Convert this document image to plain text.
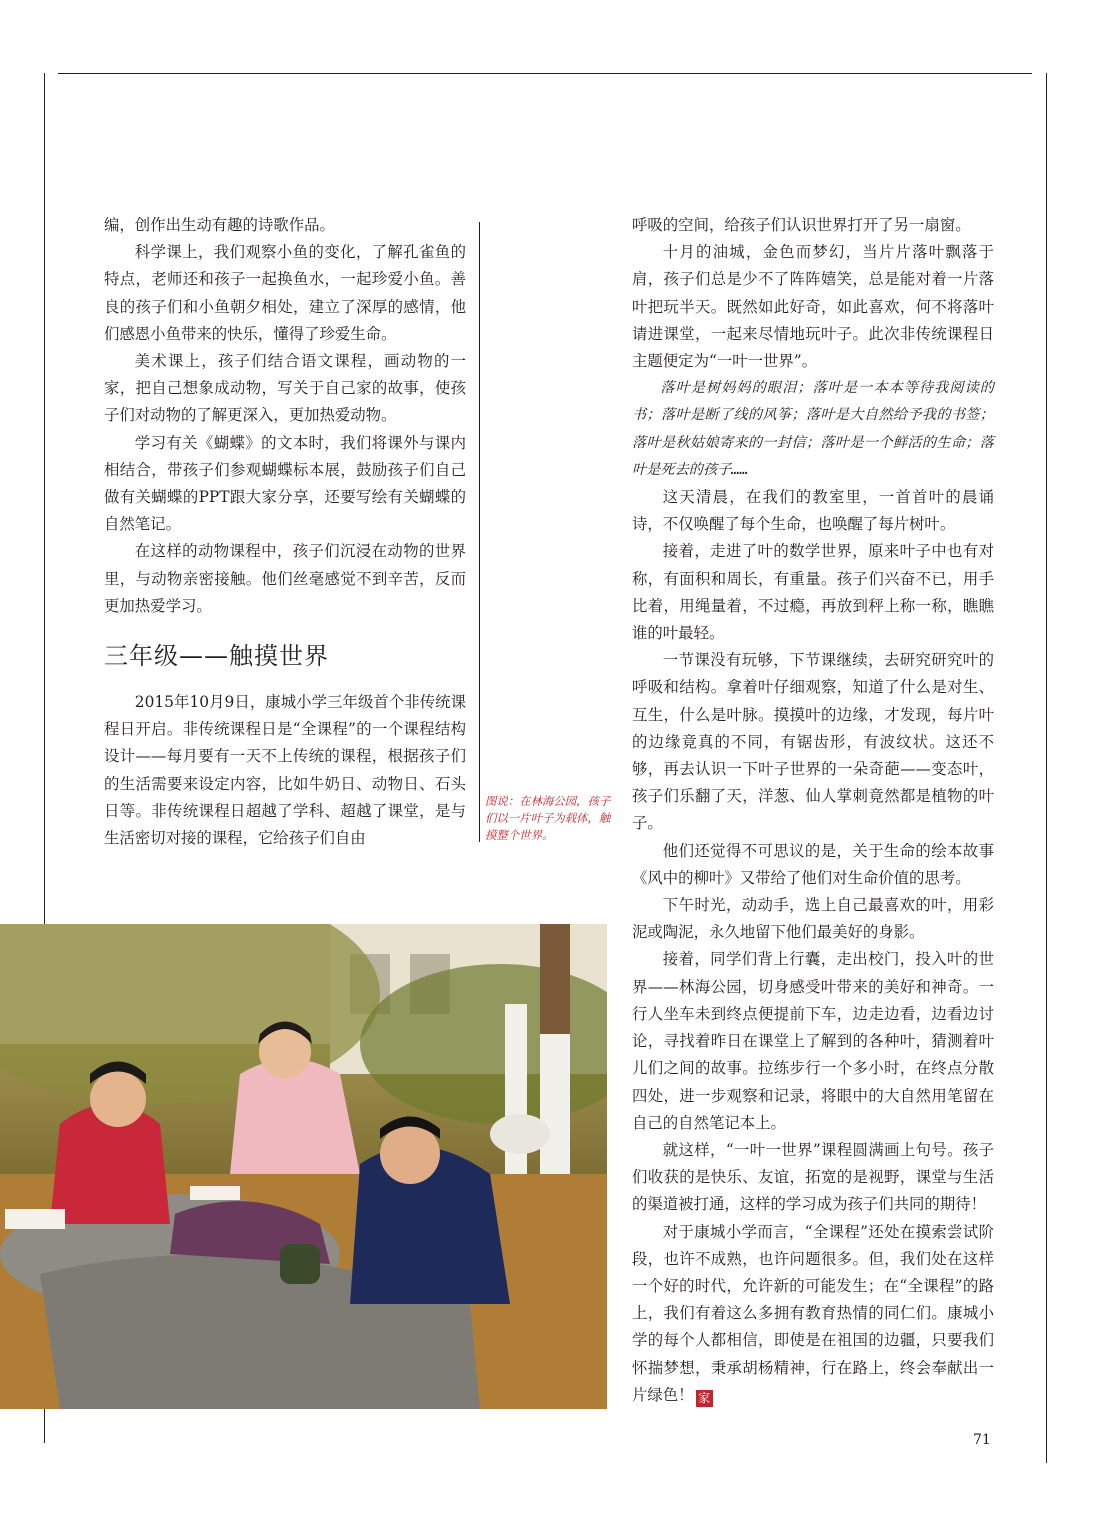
编，创作出生动有趣的诗歌作品。

科学课上，我们观察小鱼的变化，了解孔雀鱼的特点，老师还和孩子一起换鱼水，一起珍爱小鱼。善良的孩子们和小鱼朝夕相处，建立了深厚的感情，他们感恩小鱼带来的快乐，懂得了珍爱生命。

美术课上，孩子们结合语文课程，画动物的一家，把自己想象成动物，写关于自己家的故事，使孩子们对动物的了解更深入，更加热爱动物。

学习有关《蝴蝶》的文本时，我们将课外与课内相结合，带孩子们参观蝴蝶标本展，鼓励孩子们自己做有关蝴蝶的PPT跟大家分享，还要写绘有关蝴蝶的自然笔记。

在这样的动物课程中，孩子们沉浸在动物的世界里，与动物亲密接触。他们丝毫感觉不到辛苦，反而更加热爱学习。

三年级——触摸世界

2015年10月9日，康城小学三年级首个非传统课程日开启。非传统课程日是“全课程”的一个课程结构设计——每月要有一天不上传统的课程，根据孩子们的生活需要来设定内容，比如牛奶日、动物日、石头日等。非传统课程日超越了学科、超越了课堂，是与生活密切对接的课程，它给孩子们自由

图说：在林海公园，孩子们以一片叶子为载体，触摸整个世界。

呼吸的空间，给孩子们认识世界打开了另一扇窗。

十月的油城，金色而梦幻，当片片落叶飘落于肩，孩子们总是少不了阵阵嬉笑，总是能对着一片落叶把玩半天。既然如此好奇，如此喜欢，何不将落叶请进课堂，一起来尽情地玩叶子。此次非传统课程日主题便定为“一叶一世界”。

落叶是树妈妈的眼泪；落叶是一本本等待我阅读的书；落叶是断了线的风筝；落叶是大自然给予我的书签；落叶是秋姑娘寄来的一封信；落叶是一个鲜活的生命；落叶是死去的孩子……

这天清晨，在我们的教室里，一首首叶的晨诵诗，不仅唤醒了每个生命，也唤醒了每片树叶。

接着，走进了叶的数学世界，原来叶子中也有对称，有面积和周长，有重量。孩子们兴奋不已，用手比着，用绳量着，不过瘾，再放到秤上称一称，瞧瞧谁的叶最轻。

一节课没有玩够，下节课继续，去研究研究叶的呼吸和结构。拿着叶仔细观察，知道了什么是对生、互生，什么是叶脉。摸摸叶的边缘，才发现，每片叶的边缘竟真的不同，有锯齿形，有波纹状。这还不够，再去认识一下叶子世界的一朵奇葩——变态叶，孩子们乐翻了天，洋葱、仙人掌刺竟然都是植物的叶子。

他们还觉得不可思议的是，关于生命的绘本故事《风中的柳叶》又带给了他们对生命价值的思考。

下午时光，动动手，选上自己最喜欢的叶，用彩泥或陶泥，永久地留下他们最美好的身影。

接着，同学们背上行囊，走出校门，投入叶的世界——林海公园，切身感受叶带来的美好和神奇。一行人坐车未到终点便提前下车，边走边看，边看边讨论，寻找着昨日在课堂上了解到的各种叶，猜测着叶儿们之间的故事。拉练步行一个多小时，在终点分散四处，进一步观察和记录，将眼中的大自然用笔留在自己的自然笔记本上。

就这样，“一叶一世界”课程圆满画上句号。孩子们收获的是快乐、友谊，拓宽的是视野，课堂与生活的渠道被打通，这样的学习成为孩子们共同的期待！

对于康城小学而言，“全课程”还处在摸索尝试阶段，也许不成熟，也许问题很多。但，我们处在这样一个好的时代，允许新的可能发生；在“全课程”的路上，我们有着这么多拥有教育热情的同仁们。康城小学的每个人都相信，即使是在祖国的边疆，只要我们怀揣梦想，秉承胡杨精神，行在路上，终会奉献出一片绿色！ 家

71
